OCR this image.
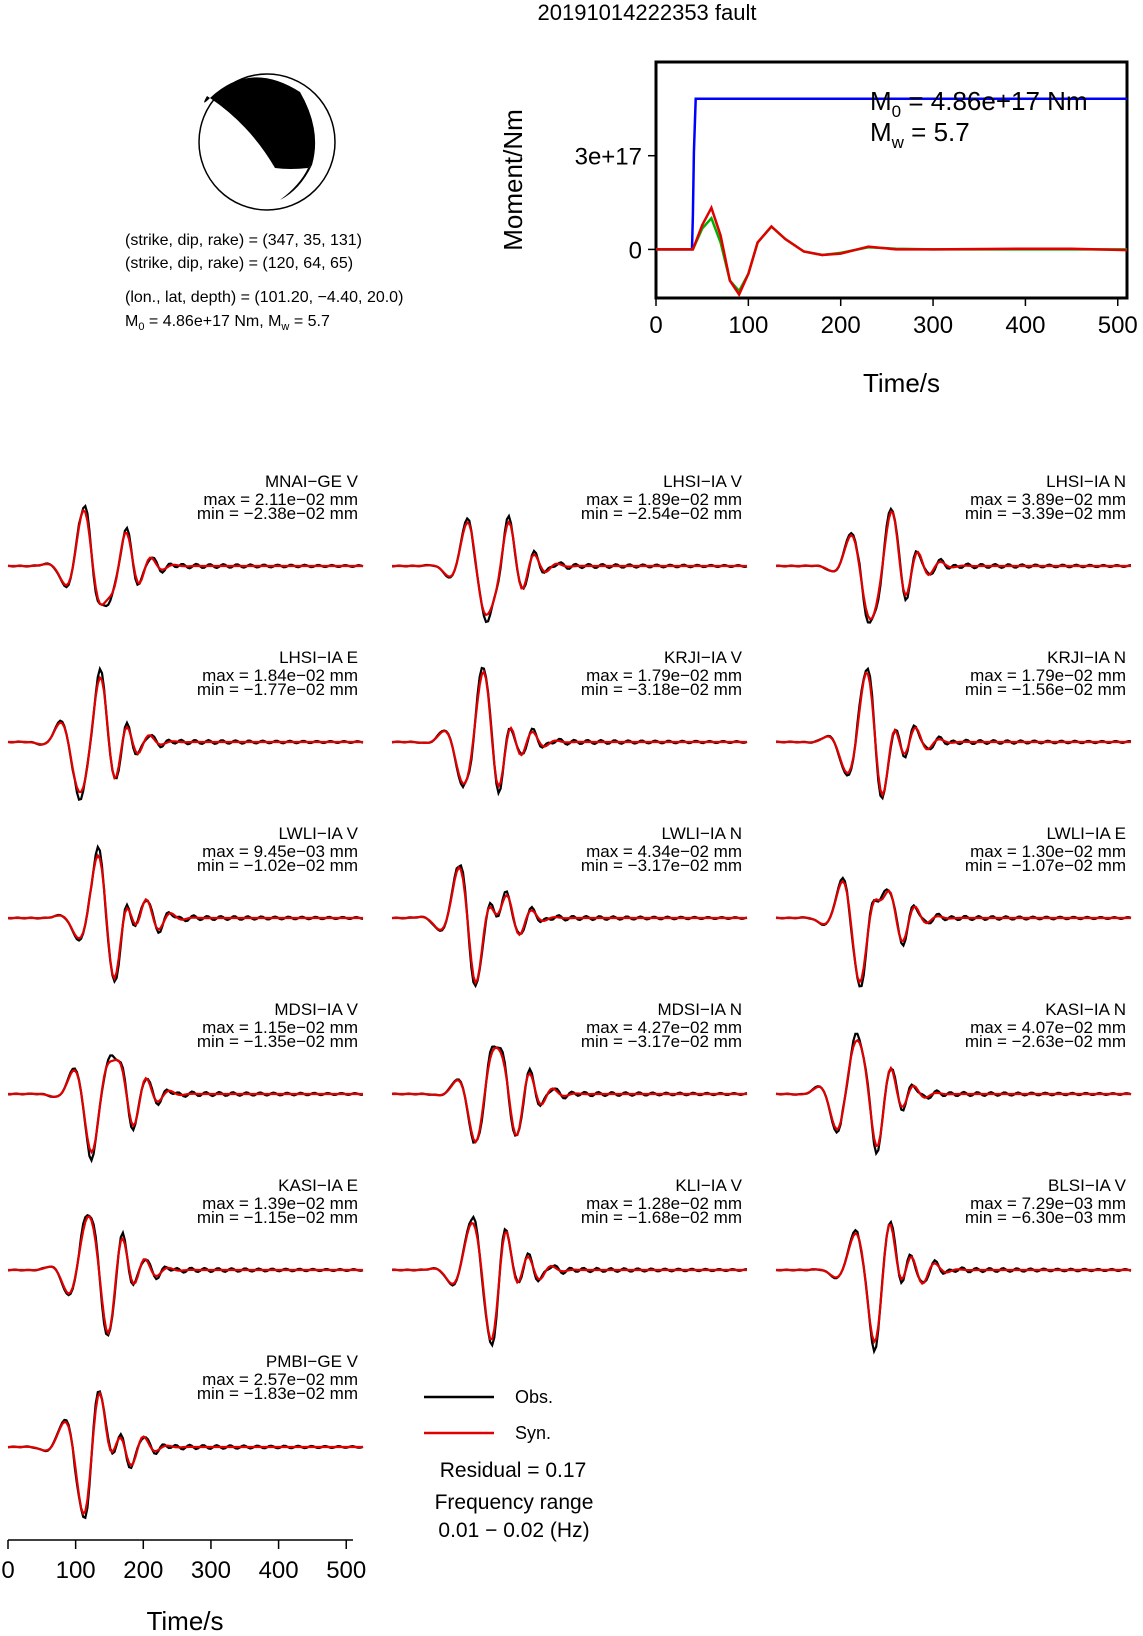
20191014222353 fault
(strike, dip, rake) = (347, 35, 131)
(strike, dip, rake) = (120, 64, 65)
(lon., lat, depth) = (101.20, −4.40, 20.0)
$M_0 = 4.86e+17$ Nm, $M_w = 5.7$	0	100 200 300 400 500
0
3e+17
Time/s
Moment/Nm
$M_0 = 4.86e+17$ Nm
$M_w = 5.7$
MNAI−GE V
max = 2.11e−02 mm
min = −2.38e−02 mm
LHSI−IA V
max = 1.89e−02 mm
min = −2.54e−02 mm
LHSI−IA N
max = 3.89e−02 mm
min = −3.39e−02 mm
LHSI−IA E
max = 1.84e−02 mm
min = −1.77e−02 mm
KRJI−IA V
max = 1.79e−02 mm
min = −3.18e−02 mm
KRJI−IA N
max = 1.79e−02 mm
min = −1.56e−02 mm
LWLI−IA V
max = 9.45e−03 mm
min = −1.02e−02 mm
LWLI−IA N
max = 4.34e−02 mm
min = −3.17e−02 mm
LWLI−IA E
max = 1.30e−02 mm
min = −1.07e−02 mm
MDSI−IA V
max = 1.15e−02 mm
min = −1.35e−02 mm
MDSI−IA N
max = 4.27e−02 mm
min = −3.17e−02 mm
KASI−IA N
max = 4.07e−02 mm
min = −2.63e−02 mm
KASI−IA E
max = 1.39e−02 mm
min = −1.15e−02 mm
KLI−IA V
max = 1.28e−02 mm
min = −1.68e−02 mm
BLSI−IA V
max = 7.29e−03 mm
min = −6.30e−03 mm
PMBI−GE V
max = 2.57e−02 mm
min = −1.83e−02 mm
0 100 200 300 400 500
Time/s
Obs.
Syn.
Residual = 0.17
Frequency range
0.01 − 0.02 (Hz)
